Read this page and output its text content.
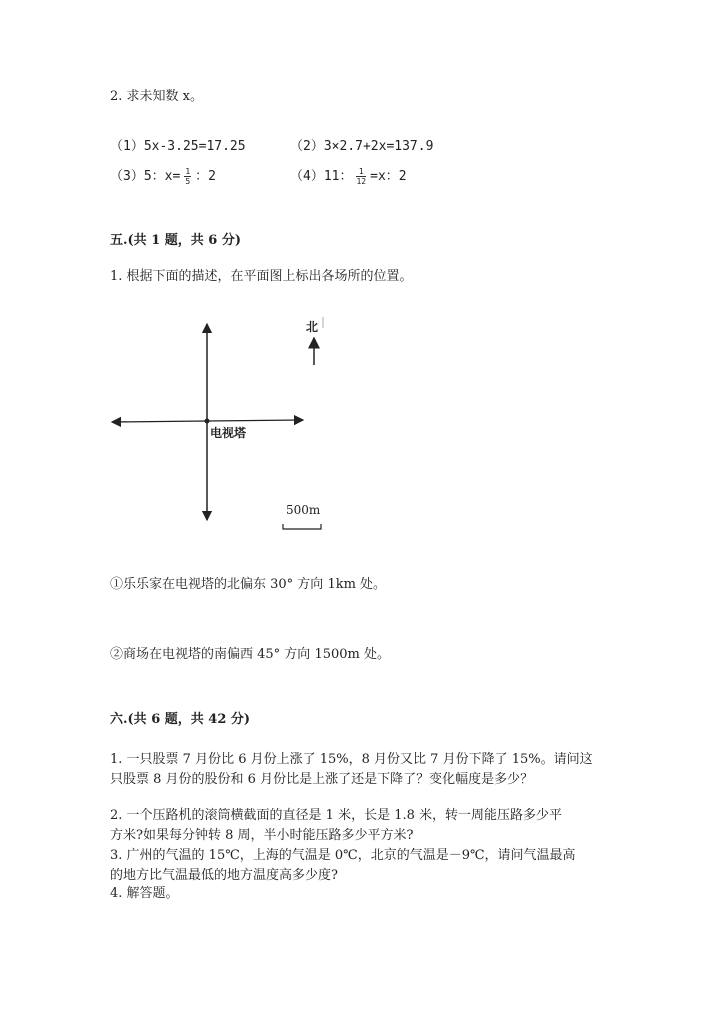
2. 求未知数 x。
（1）5x-3.25=17.25	（2）3×2.7+2x=137.9
（3）5：$x= \frac{1}{5}$ ：2	（4）11： $\frac{1}{12} =x$：2
五.(共 1 题，共 6 分)
1. 根据下面的描述，在平面图上标出各场所的位置。
电视塔
北
500m
①乐乐家在电视塔的北偏东 30° 方向 1km 处。
②商场在电视塔的南偏西 45° 方向 1500m 处。
六.(共 6 题，共 42 分)
1. 一只股票 7 月份比 6 月份上涨了 15%，8 月份又比 7 月份下降了 15%。请问这
只股票 8 月份的股份和 6 月份比是上涨了还是下降了？变化幅度是多少？
2. 一个压路机的滚筒横截面的直径是 1 米，长是 1.8 米，转一周能压路多少平
方米?如果每分钟转 8 周，半小时能压路多少平方米?
3. 广州的气温的 15℃，上海的气温是 0℃，北京的气温是－9℃，请问气温最高
的地方比气温最低的地方温度高多少度?
4. 解答题。
